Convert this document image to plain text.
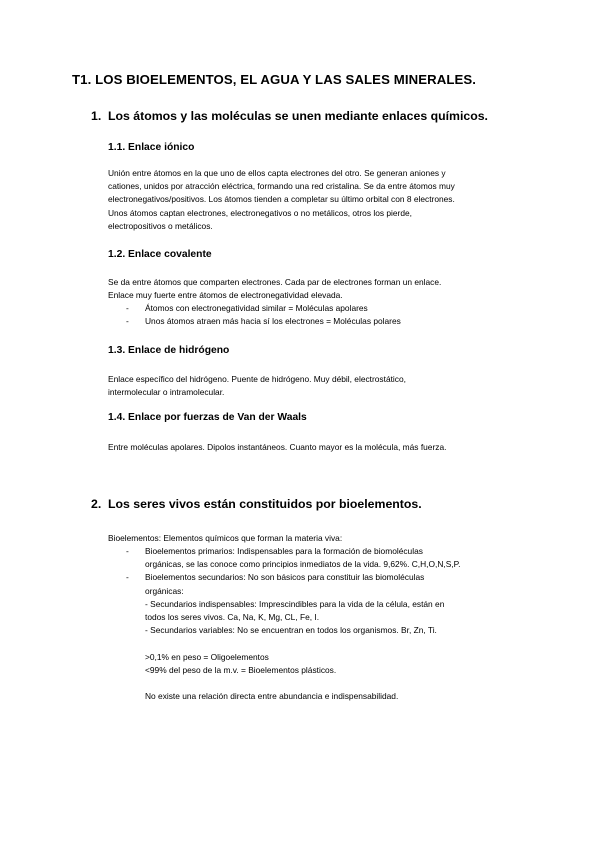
T1. LOS BIOELEMENTOS, EL AGUA Y LAS SALES MINERALES.
1. Los átomos y las moléculas se unen mediante enlaces químicos.
1.1. Enlace iónico
Unión entre átomos en la que uno de ellos capta electrones del otro. Se generan aniones y
cationes, unidos por atracción eléctrica, formando una red cristalina. Se da entre átomos muy
electronegativos/positivos. Los átomos tienden a completar su último orbital con 8 electrones.
Unos átomos captan electrones, electronegativos o no metálicos, otros los pierde,
electropositivos o metálicos.
1.2. Enlace covalente
Se da entre átomos que comparten electrones. Cada par de electrones forman un enlace.
Enlace muy fuerte entre átomos de electronegatividad elevada.
- Átomos con electronegatividad similar = Moléculas apolares
- Unos átomos atraen más hacia sí los electrones = Moléculas polares
1.3. Enlace de hidrógeno
Enlace específico del hidrógeno. Puente de hidrógeno. Muy débil, electrostático,
intermolecular o intramolecular.
1.4. Enlace por fuerzas de Van der Waals
Entre moléculas apolares. Dipolos instantáneos. Cuanto mayor es la molécula, más fuerza.
2. Los seres vivos están constituidos por bioelementos.
Bioelementos: Elementos químicos que forman la materia viva:
- Bioelementos primarios: Indispensables para la formación de biomoléculas
orgánicas, se las conoce como principios inmediatos de la vida. 9,62%. C,H,O,N,S,P.
- Bioelementos secundarios: No son básicos para constituir las biomoléculas
orgánicas:
- Secundarios indispensables: Imprescindibles para la vida de la célula, están en
todos los seres vivos. Ca, Na, K, Mg, CL, Fe, I.
- Secundarios variables: No se encuentran en todos los organismos. Br, Zn, Ti.
>0,1% en peso = Oligoelementos
<99% del peso de la m.v. = Bioelementos plásticos.
No existe una relación directa entre abundancia e indispensabilidad.
